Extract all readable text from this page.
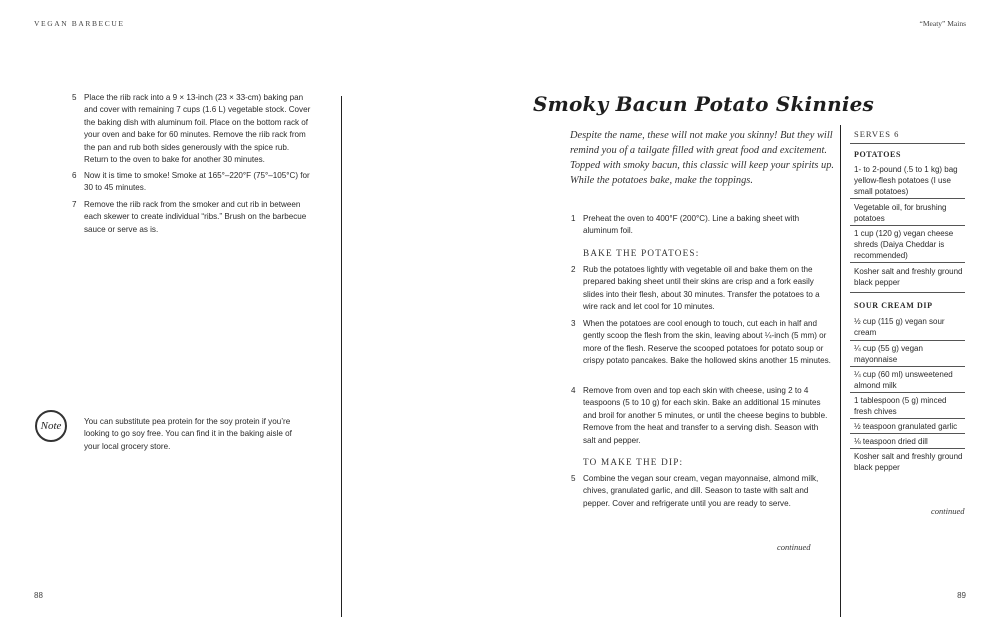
VEGAN BARBECUE	“Meaty” Mains
5 Place the riib rack into a 9 × 13-inch (23 × 33-cm) baking pan and cover with remaining 7 cups (1.6 L) vegetable stock. Cover the baking dish with aluminum foil. Place on the bottom rack of your oven and bake for 60 minutes. Remove the riib rack from the pan and rub both sides generously with the spice rub. Return to the oven to bake for another 30 minutes.
6 Now it is time to smoke! Smoke at 165°–220°F (75°–105°C) for 30 to 45 minutes.
7 Remove the riib rack from the smoker and cut rib in between each skewer to create individual “ribs.” Brush on the barbecue sauce or serve as is.
Note	You can substitute pea protein for the soy protein if you’re looking to go soy free. You can find it in the baking aisle of your local grocery store.
88	89
Smoky Bacun Potato Skinnies
Despite the name, these will not make you skinny! But they will remind you of a tailgate filled with great food and excitement. Topped with smoky bacun, this classic will keep your spirits up. While the potatoes bake, make the toppings.
1 Preheat the oven to 400°F (200°C). Line a baking sheet with aluminum foil.
BAKE THE POTATOES:
2 Rub the potatoes lightly with vegetable oil and bake them on the prepared baking sheet until their skins are crisp and a fork easily slides into their flesh, about 30 minutes. Transfer the potatoes to a wire rack and let cool for 10 minutes.
3 When the potatoes are cool enough to touch, cut each in half and gently scoop the flesh from the skin, leaving about ¼-inch (5 mm) or more of the flesh. Reserve the scooped potatoes for potato soup or crispy potato pancakes. Bake the hollowed skins another 15 minutes.
4 Remove from oven and top each skin with cheese, using 2 to 4 teaspoons (5 to 10 g) for each skin. Bake an additional 15 minutes and broil for another 5 minutes, or until the cheese begins to bubble. Remove from the heat and transfer to a serving dish. Season with salt and pepper.
TO MAKE THE DIP:
5 Combine the vegan sour cream, vegan mayonnaise, almond milk, chives, granulated garlic, and dill. Season to taste with salt and pepper. Cover and refrigerate until you are ready to serve.
continued
SERVES 6
POTATOES
1- to 2-pound (.5 to 1 kg) bag yellow-flesh potatoes (I use small potatoes)
Vegetable oil, for brushing potatoes
1 cup (120 g) vegan cheese shreds (Daiya Cheddar is recommended)
Kosher salt and freshly ground black pepper
SOUR CREAM DIP
½ cup (115 g) vegan sour cream
¼ cup (55 g) vegan mayonnaise
¼ cup (60 ml) unsweetened almond milk
1 tablespoon (5 g) minced fresh chives
½ teaspoon granulated garlic
⅛ teaspoon dried dill
Kosher salt and freshly ground black pepper
continued
